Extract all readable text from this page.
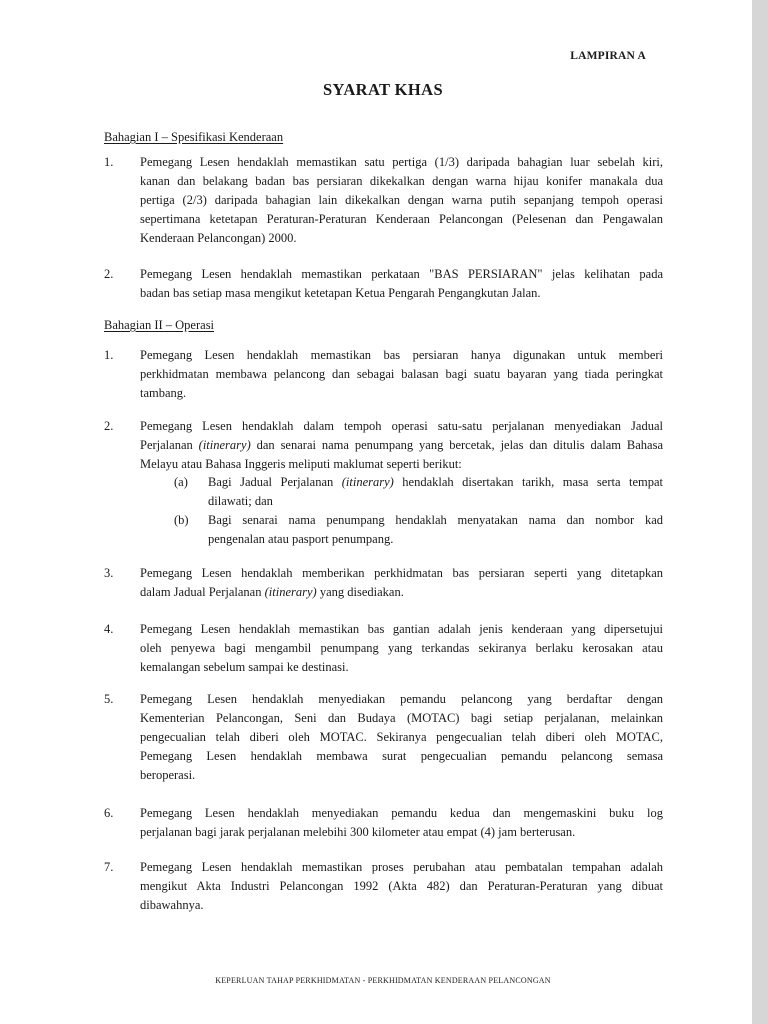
LAMPIRAN A
SYARAT KHAS
Bahagian I – Spesifikasi Kenderaan
1. Pemegang Lesen hendaklah memastikan satu pertiga (1/3) daripada bahagian luar sebelah kiri,
kanan dan belakang badan bas persiaran dikekalkan dengan warna hijau konifer manakala dua
pertiga (2/3) daripada bahagian lain dikekalkan dengan warna putih sepanjang tempoh operasi
sepertimana ketetapan Peraturan-Peraturan Kenderaan Pelancongan (Pelesenan dan Pengawalan
Kenderaan Pelancongan) 2000.
2. Pemegang Lesen hendaklah memastikan perkataan "BAS PERSIARAN" jelas kelihatan pada
badan bas setiap masa mengikut ketetapan Ketua Pengarah Pengangkutan Jalan.
Bahagian II – Operasi
1. Pemegang Lesen hendaklah memastikan bas persiaran hanya digunakan untuk memberi
perkhidmatan membawa pelancong dan sebagai balasan bagi suatu bayaran yang tiada peringkat
tambang.
2. Pemegang Lesen hendaklah dalam tempoh operasi satu-satu perjalanan menyediakan Jadual
Perjalanan (itinerary) dan senarai nama penumpang yang bercetak, jelas dan ditulis dalam Bahasa
Melayu atau Bahasa Inggeris meliputi maklumat seperti berikut:
(a) Bagi Jadual Perjalanan (itinerary) hendaklah disertakan tarikh, masa serta tempat
dilawati; dan
(b) Bagi senarai nama penumpang hendaklah menyatakan nama dan nombor kad
pengenalan atau pasport penumpang.
3. Pemegang Lesen hendaklah memberikan perkhidmatan bas persiaran seperti yang ditetapkan
dalam Jadual Perjalanan (itinerary) yang disediakan.
4. Pemegang Lesen hendaklah memastikan bas gantian adalah jenis kenderaan yang dipersetujui
oleh penyewa bagi mengambil penumpang yang terkandas sekiranya berlaku kerosakan atau
kemalangan sebelum sampai ke destinasi.
5. Pemegang Lesen hendaklah menyediakan pemandu pelancong yang berdaftar dengan
Kementerian Pelancongan, Seni dan Budaya (MOTAC) bagi setiap perjalanan, melainkan
pengecualian telah diberi oleh MOTAC. Sekiranya pengecualian telah diberi oleh MOTAC,
Pemegang Lesen hendaklah membawa surat pengecualian pemandu pelancong semasa
beroperasi.
6. Pemegang Lesen hendaklah menyediakan pemandu kedua dan mengemaskini buku log
perjalanan bagi jarak perjalanan melebihi 300 kilometer atau empat (4) jam berterusan.
7. Pemegang Lesen hendaklah memastikan proses perubahan atau pembatalan tempahan adalah
mengikut Akta Industri Pelancongan 1992 (Akta 482) dan Peraturan-Peraturan yang dibuat
dibawahnya.
KEPERLUAN TAHAP PERKHIDMATAN - PERKHIDMATAN KENDERAAN PELANCONGAN
